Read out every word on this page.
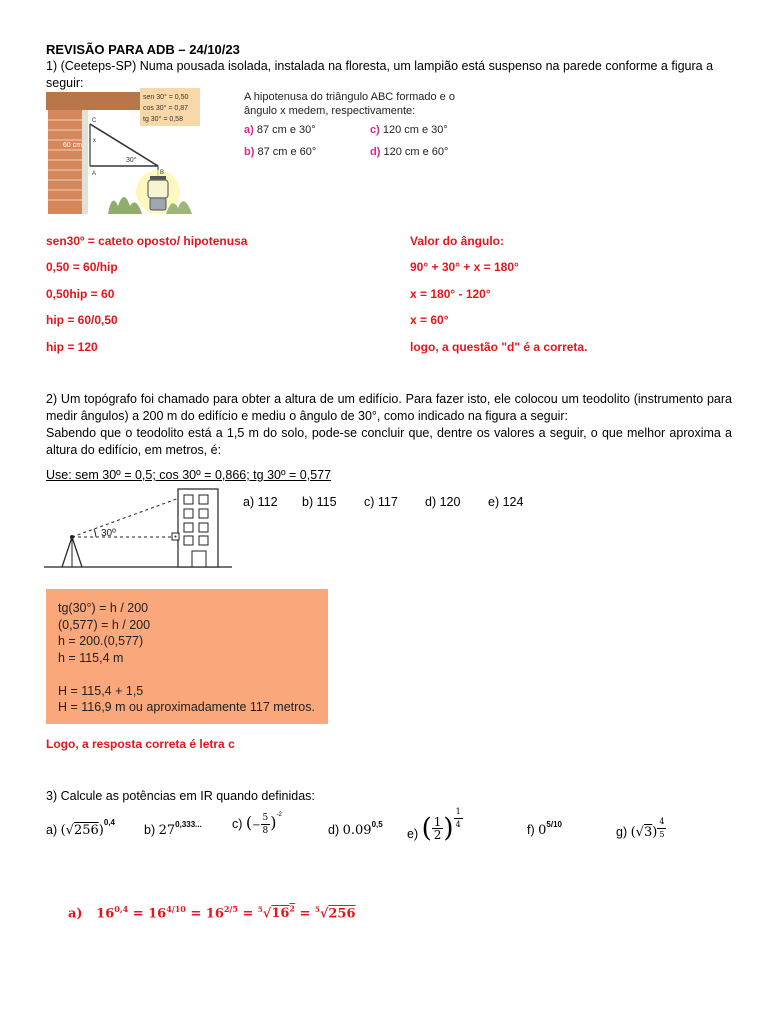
REVISÃO PARA ADB – 24/10/23
1) (Ceeteps-SP) Numa pousada isolada, instalada na floresta, um lampião está suspenso na parede conforme a figura a seguir:
60 cm
x
30°
C
A	B
sen 30° = 0,50
cos 30° = 0,87
tg 30° = 0,58
A hipotenusa do triângulo ABC formado e o
ângulo x medem, respectivamente:
a) 87 cm e 30°	c) 120 cm e 30°
b) 87 cm e 60°	d) 120 cm e 60°
sen30º = cateto oposto/ hipotenusa
0,50 = 60/hip
0,50hip = 60
hip = 60/0,50
hip = 120
Valor do ângulo:
90° + 30° + x = 180°
x = 180° - 120°
x = 60°
logo, a questão "d" é a correta.
2) Um topógrafo foi chamado para obter a altura de um edifício. Para fazer isto, ele colocou um teodolito (instrumento para medir ângulos) a 200 m do edifício e mediu o ângulo de 30°, como indicado na figura a seguir:
Sabendo que o teodolito está a 1,5 m do solo, pode-se concluir que, dentre os valores a seguir, o que melhor aproxima a altura do edifício, em metros, é:
Use: sem 30º = 0,5; cos 30º = 0,866; tg 30º = 0,577
30º
a) 112 b) 115 c) 117 d) 120 e) 124
tg(30°) = h / 200
(0,577) = h / 200
h = 200.(0,577)
h = 115,4 m

H = 115,4 + 1,5
H = 116,9 m ou aproximadamente 117 metros.
Logo, a resposta correta é letra c
3) Calcule as potências em IR quando definidas:
a) $(√256)^{0,4}$
b) $27^{0,333...}$ c) (− $\frac{5}{8} )^{-2}$
d) 0.09$^{0,5}$
e) ( $\frac{1}{2}$ ) $\frac{1}{4}$	f) $0^{5/10}$
g) $(√3) \frac{4}{5}$
a) $16^{0,4} = 16^{4/10} = 16^{2/5} = ^5√16^2 = ^5√256$
